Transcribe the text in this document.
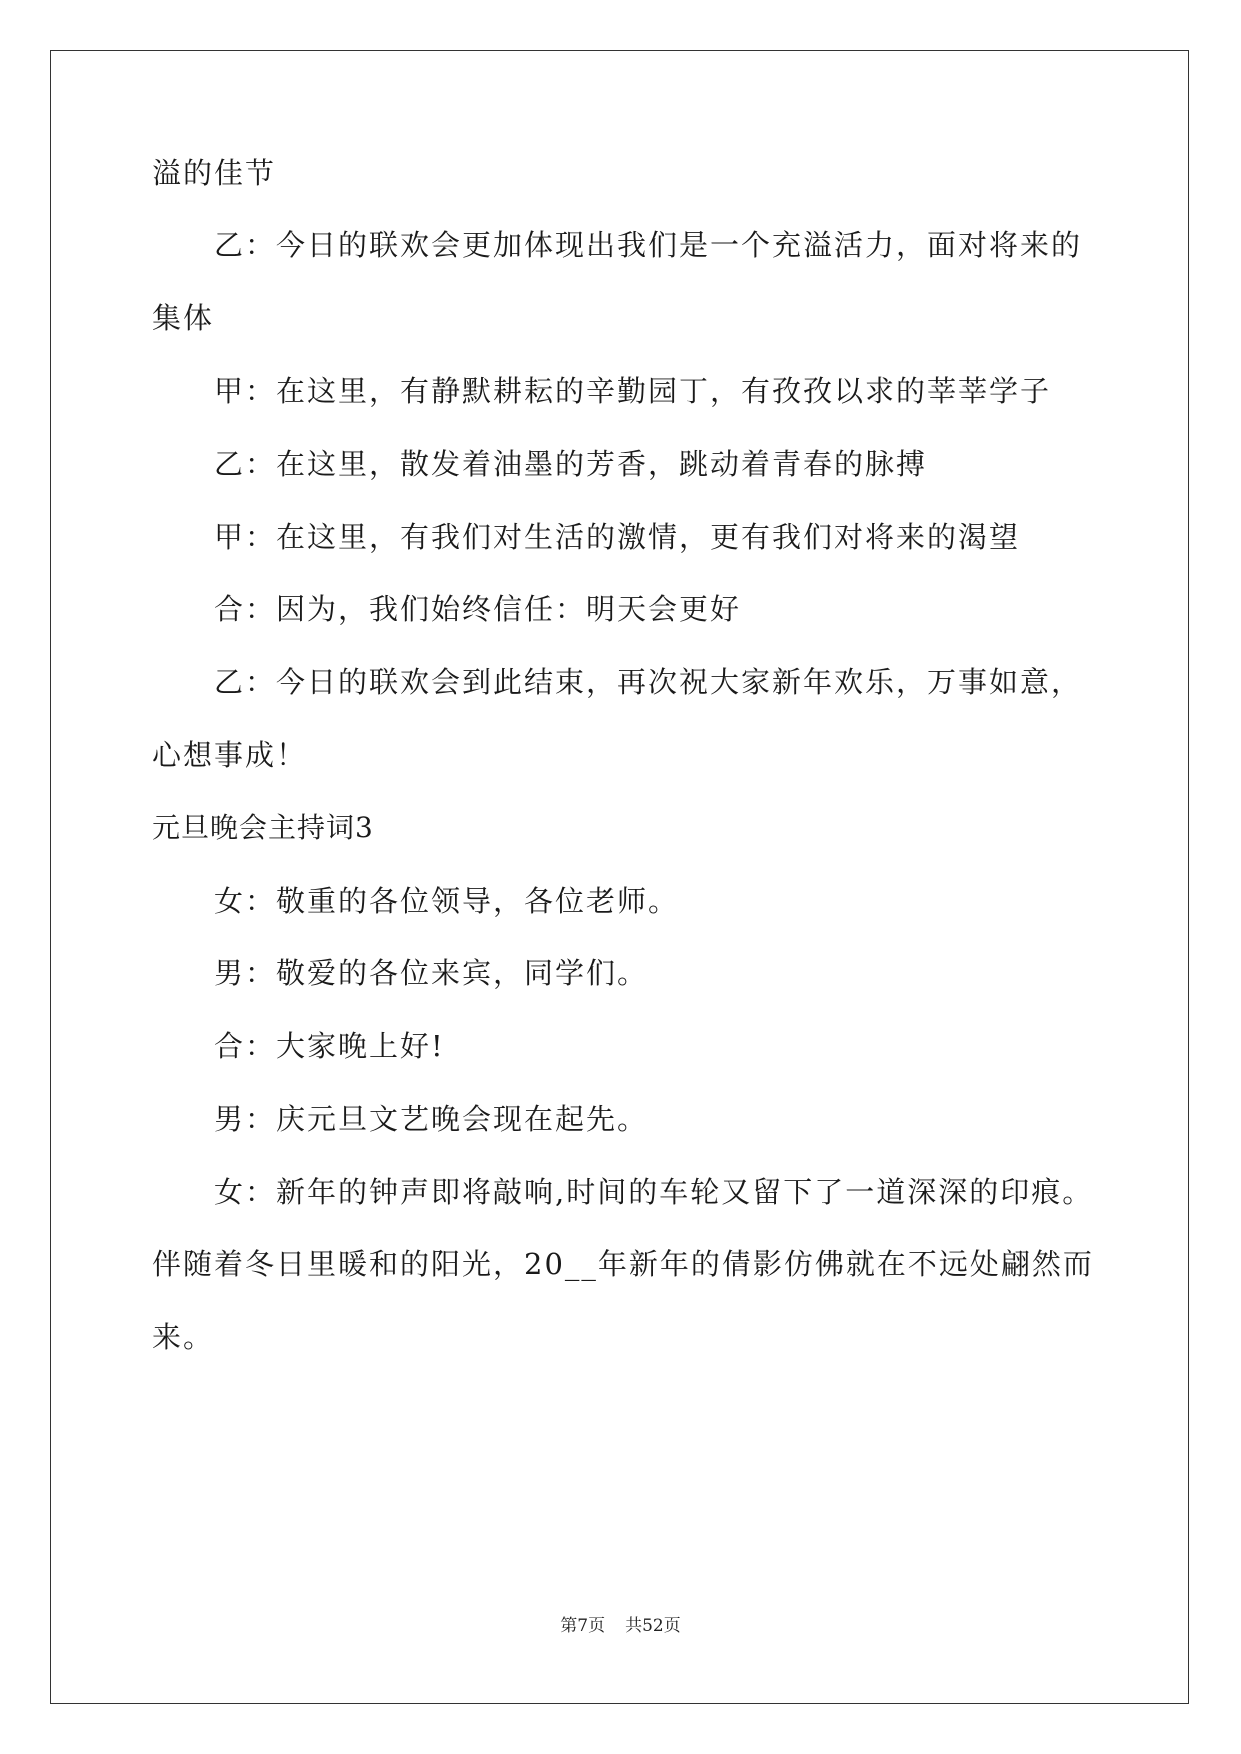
溢的佳节
乙：今日的联欢会更加体现出我们是一个充溢活力，面对将来的
集体
甲：在这里，有静默耕耘的辛勤园丁，有孜孜以求的莘莘学子
乙：在这里，散发着油墨的芳香，跳动着青春的脉搏
甲：在这里，有我们对生活的激情，更有我们对将来的渴望
合：因为，我们始终信任：明天会更好
乙：今日的联欢会到此结束，再次祝大家新年欢乐，万事如意，
心想事成！
元旦晚会主持词3
女：敬重的各位领导，各位老师。
男：敬爱的各位来宾，同学们。
合：大家晚上好!
男：庆元旦文艺晚会现在起先。
女：新年的钟声即将敲响,时间的车轮又留下了一道深深的印痕。
伴随着冬日里暖和的阳光，20__年新年的倩影仿佛就在不远处翩然而
来。
第7页 共52页
